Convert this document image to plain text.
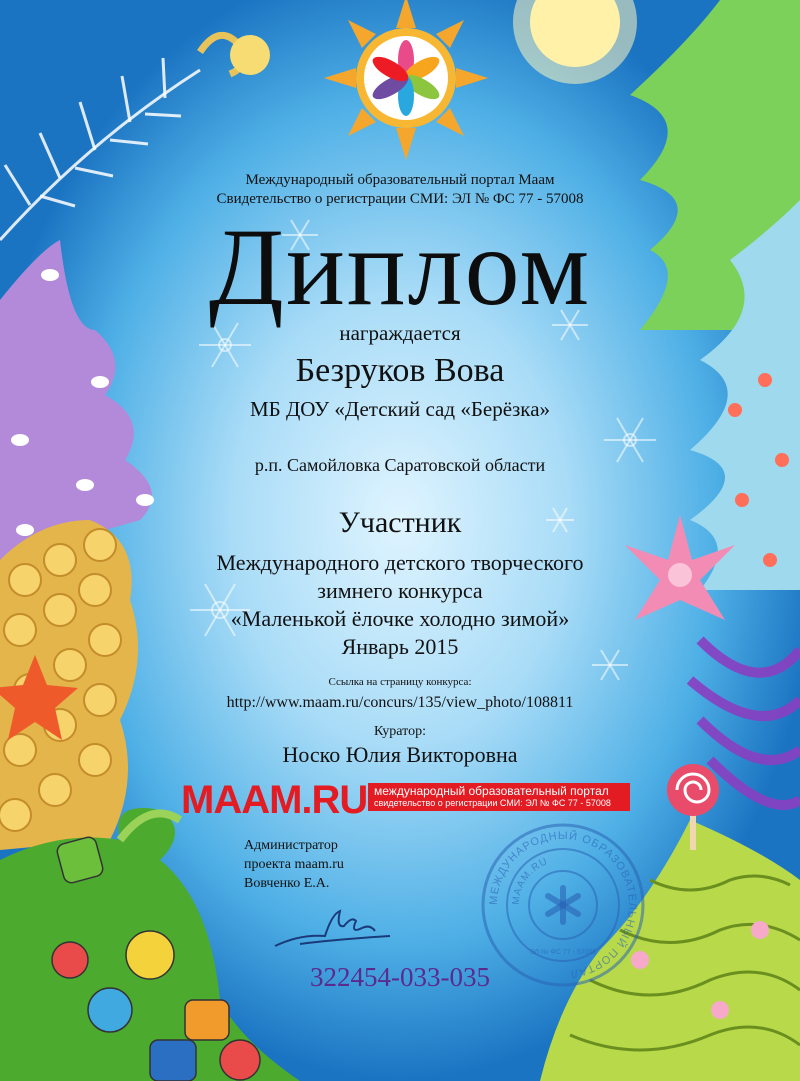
Международный образовательный портал Маам
Свидетельство о регистрации СМИ: ЭЛ № ФС 77 - 57008
Диплом
награждается
Безруков Вова
МБ ДОУ «Детский сад «Берёзка»
р.п. Самойловка Саратовской области
Участник
Международного детского творческого
зимнего конкурса
«Маленькой ёлочке холодно зимой»
Январь 2015
Ссылка на страницу конкурса:
http://www.maam.ru/concurs/135/view_photo/108811
Куратор:
Носко Юлия Викторовна
MAAM.RU международный образовательный портал
свидетельство о регистрации СМИ: ЭЛ № ФС 77 - 57008
Администратор
проекта maam.ru
Вовченко Е.А.
МЕЖДУНАРОДНЫЙ ОБРАЗОВАТЕЛЬНЫЙ ПОРТАЛ
MAAM.RU
ЭЛ № ФС 77 - 57008
322454-033-035
